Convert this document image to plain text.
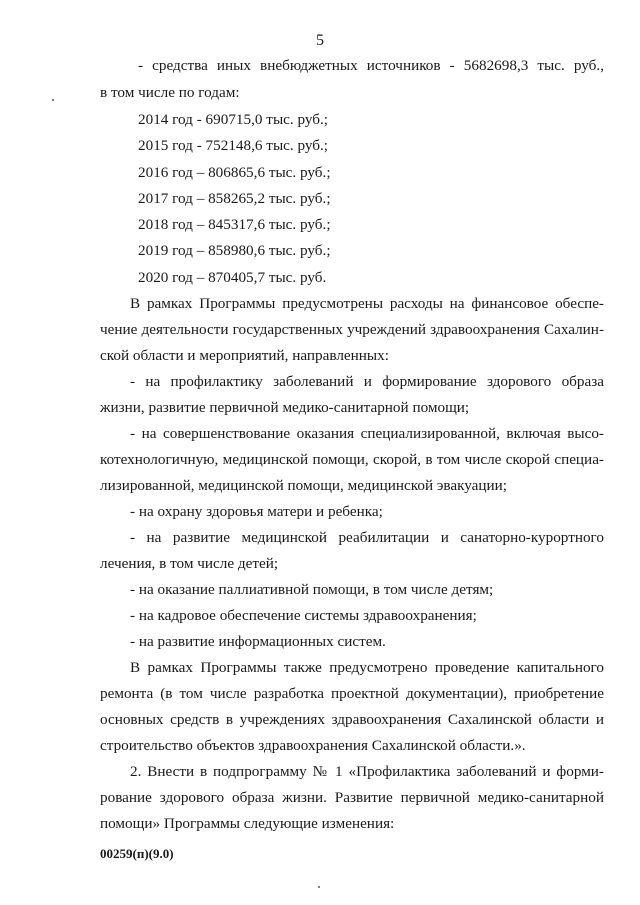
5
- средства иных внебюджетных источников - 5682698,3 тыс. руб.,
в том числе по годам:
2014 год - 690715,0 тыс. руб.;
2015 год - 752148,6 тыс. руб.;
2016 год – 806865,6 тыс. руб.;
2017 год – 858265,2 тыс. руб.;
2018 год – 845317,6 тыс. руб.;
2019 год – 858980,6 тыс. руб.;
2020 год – 870405,7 тыс. руб.
В рамках Программы предусмотрены расходы на финансовое обеспе-
чение деятельности государственных учреждений здравоохранения Сахалин-
ской области и мероприятий, направленных:
- на профилактику заболеваний и формирование здорового образа
жизни, развитие первичной медико-санитарной помощи;
- на совершенствование оказания специализированной, включая высо-
котехнологичную, медицинской помощи, скорой, в том числе скорой специа-
лизированной, медицинской помощи, медицинской эвакуации;
- на охрану здоровья матери и ребенка;
- на развитие медицинской реабилитации и санаторно-курортного
лечения, в том числе детей;
- на оказание паллиативной помощи, в том числе детям;
- на кадровое обеспечение системы здравоохранения;
- на развитие информационных систем.
В рамках Программы также предусмотрено проведение капитального
ремонта (в том числе разработка проектной документации), приобретение
основных средств в учреждениях здравоохранения Сахалинской области и
строительство объектов здравоохранения Сахалинской области.».
2. Внести в подпрограмму № 1 «Профилактика заболеваний и форми-
рование здорового образа жизни. Развитие первичной медико-санитарной
помощи» Программы следующие изменения:
00259(п)(9.0)
